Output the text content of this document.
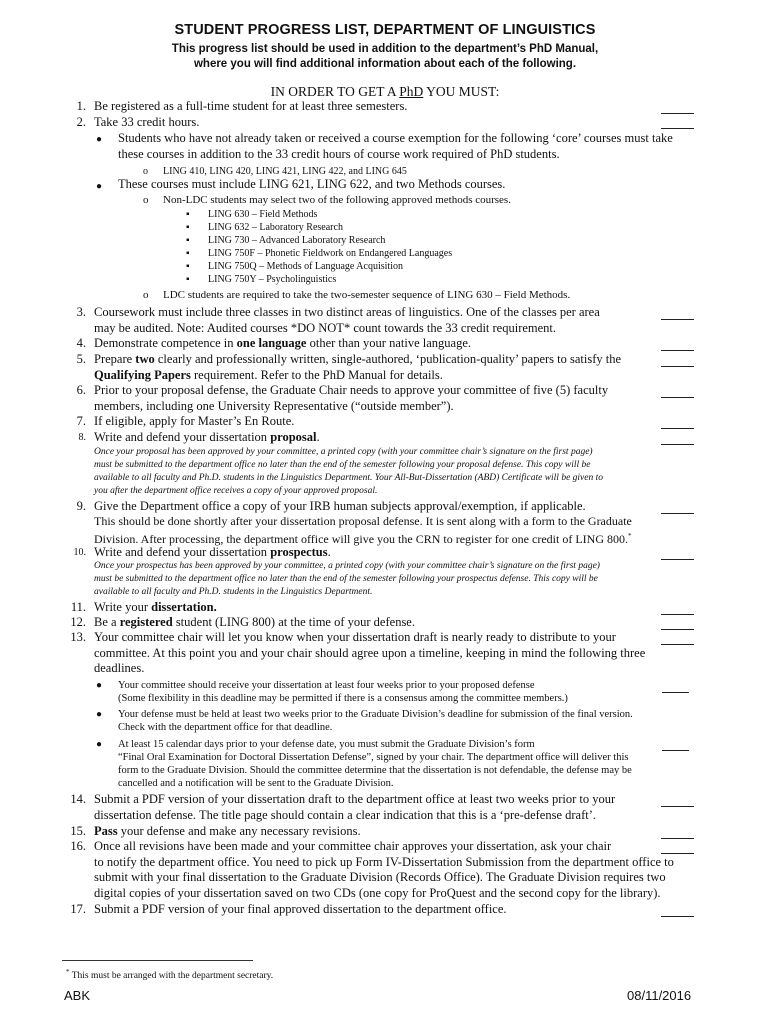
STUDENT PROGRESS LIST, DEPARTMENT OF LINGUISTICS
This progress list should be used in addition to the department’s PhD Manual,
where you will find additional information about each of the following.
IN ORDER TO GET A PhD YOU MUST:
1. Be registered as a full-time student for at least three semesters.
2. Take 33 credit hours.
● Students who have not already taken or received a course exemption for the following ‘core’ courses must take
these courses in addition to the 33 credit hours of course work required of PhD students.
o LING 410, LING 420, LING 421, LING 422, and LING 645
● These courses must include LING 621, LING 622, and two Methods courses.
o Non-LDC students may select two of the following approved methods courses.
▪ LING 630 – Field Methods
▪ LING 632 – Laboratory Research
▪ LING 730 – Advanced Laboratory Research
▪ LING 750F – Phonetic Fieldwork on Endangered Languages
▪ LING 750Q – Methods of Language Acquisition
▪ LING 750Y – Psycholinguistics
o LDC students are required to take the two-semester sequence of LING 630 – Field Methods.
3. Coursework must include three classes in two distinct areas of linguistics. One of the classes per area
may be audited. Note: Audited courses *DO NOT* count towards the 33 credit requirement.
4. Demonstrate competence in one language other than your native language.
5. Prepare two clearly and professionally written, single-authored, ‘publication-quality’ papers to satisfy the
Qualifying Papers requirement. Refer to the PhD Manual for details.
6. Prior to your proposal defense, the Graduate Chair needs to approve your committee of five (5) faculty
members, including one University Representative (“outside member”).
7. If eligible, apply for Master’s En Route.
8. Write and defend your dissertation proposal.
Once your proposal has been approved by your committee, a printed copy (with your committee chair’s signature on the first page)
must be submitted to the department office no later than the end of the semester following your proposal defense. This copy will be
available to all faculty and Ph.D. students in the Linguistics Department. Your All-But-Dissertation (ABD) Certificate will be given to
you after the department office receives a copy of your approved proposal.
9. Give the Department office a copy of your IRB human subjects approval/exemption, if applicable.
This should be done shortly after your dissertation proposal defense. It is sent along with a form to the Graduate
Division. After processing, the department office will give you the CRN to register for one credit of LING 800.*
10. Write and defend your dissertation prospectus.
Once your prospectus has been approved by your committee, a printed copy (with your committee chair’s signature on the first page)
must be submitted to the department office no later than the end of the semester following your prospectus defense. This copy will be
available to all faculty and Ph.D. students in the Linguistics Department.
11. Write your dissertation.
12. Be a registered student (LING 800) at the time of your defense.
13. Your committee chair will let you know when your dissertation draft is nearly ready to distribute to your
committee. At this point you and your chair should agree upon a timeline, keeping in mind the following three
deadlines.
● Your committee should receive your dissertation at least four weeks prior to your proposed defense
(Some flexibility in this deadline may be permitted if there is a consensus among the committee members.)
● Your defense must be held at least two weeks prior to the Graduate Division’s deadline for submission of the final version.
Check with the department office for that deadline.
● At least 15 calendar days prior to your defense date, you must submit the Graduate Division’s form
“Final Oral Examination for Doctoral Dissertation Defense”, signed by your chair. The department office will deliver this
form to the Graduate Division. Should the committee determine that the dissertation is not defendable, the defense may be
cancelled and a notification will be sent to the Graduate Division.
14. Submit a PDF version of your dissertation draft to the department office at least two weeks prior to your
dissertation defense. The title page should contain a clear indication that this is a ‘pre-defense draft’.
15. Pass your defense and make any necessary revisions.
16. Once all revisions have been made and your committee chair approves your dissertation, ask your chair
to notify the department office. You need to pick up Form IV-Dissertation Submission from the department office to
submit with your final dissertation to the Graduate Division (Records Office). The Graduate Division requires two
digital copies of your dissertation saved on two CDs (one copy for ProQuest and the second copy for the library).
17. Submit a PDF version of your final approved dissertation to the department office.
* This must be arranged with the department secretary.
ABK	08/11/2016
